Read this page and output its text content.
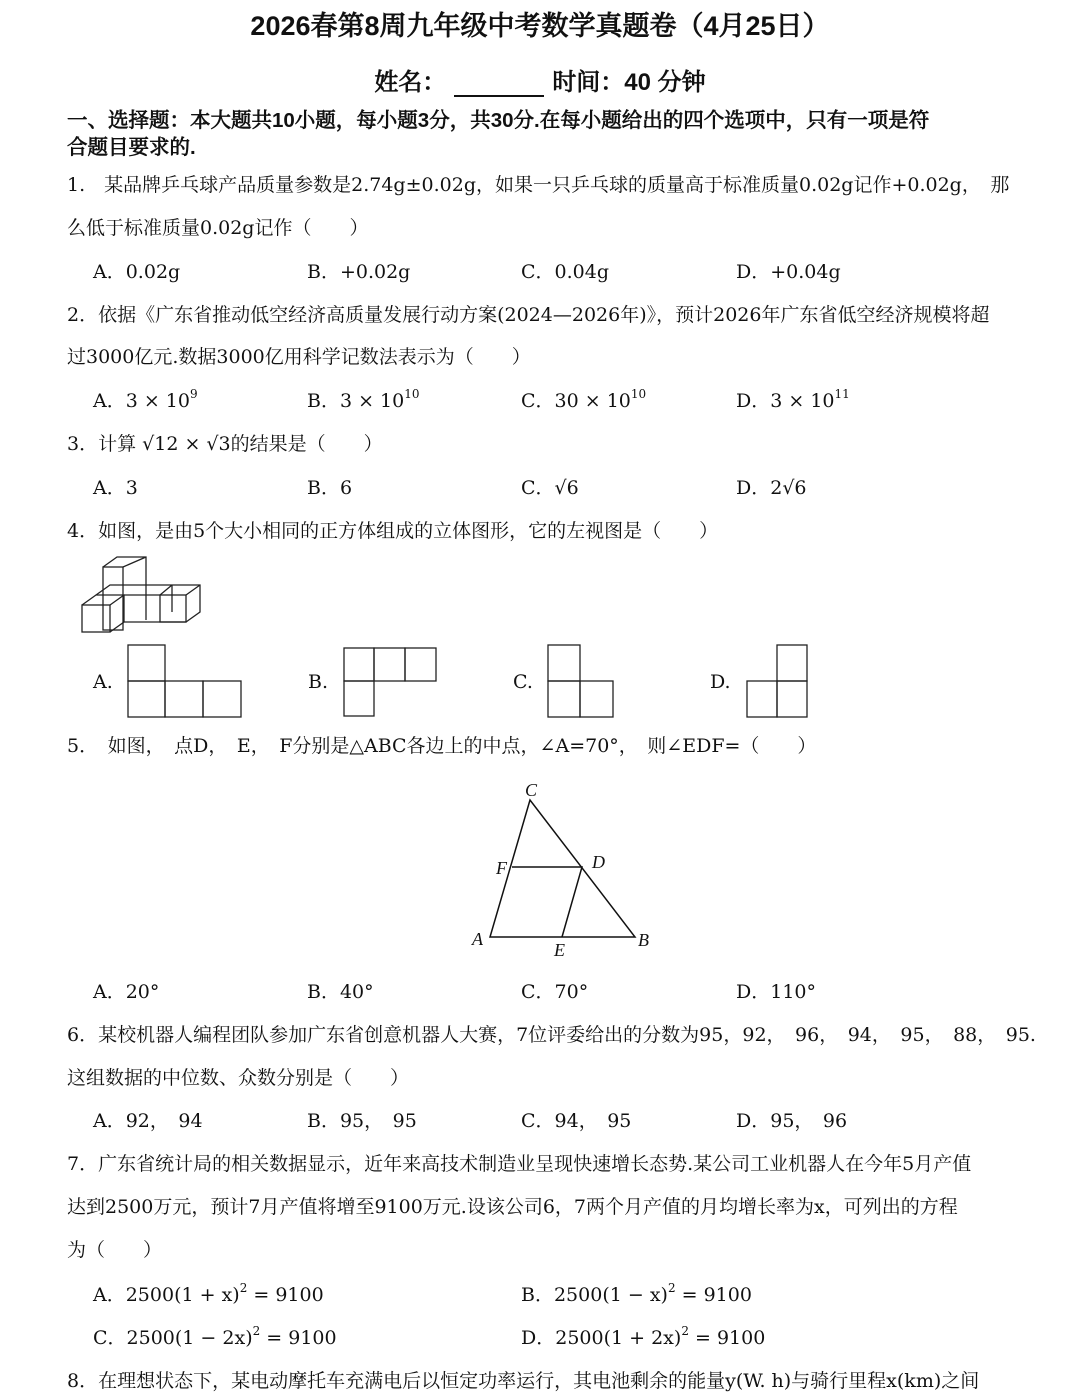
2026春第8周九年级中考数学真题卷（4月25日）
姓名：	时间：40 分钟
一、选择题：本大题共10小题，每小题3分，共30分.在每小题给出的四个选项中，只有一项是符
合题目要求的.
1.　某品牌乒乓球产品质量参数是2.74g±0.02g，如果一只乒乓球的质量高于标准质量0.02g记作+0.02g，　那
么低于标准质量0.02g记作（　　）
A．0.02g	B．+0.02g	C．0.04g	D．+0.04g
2．依据《广东省推动低空经济高质量发展行动方案(2024—2026年)》，预计2026年广东省低空经济规模将超
过3000亿元.数据3000亿用科学记数法表示为（　　）
A．$3 \times 10^9$	B．$3 \times 10^{10}$	C．$30 \times 10^{10}$	D．$3 \times 10^{11}$
3．计算 √12 × √3的结果是（　　）
A．3	B．6	C．√6	D．2√6
4．如图，是由5个大小相同的正方体组成的立体图形，它的左视图是（　　）
A.	B.	C.	D.
5．　如图，　点D，　E，　F分别是△ABC各边上的中点，∠A=70°，　则∠EDF=（　　）
C
F	D
A	B
E
A．20°	B．40°	C．70°	D．110°
6．某校机器人编程团队参加广东省创意机器人大赛，7位评委给出的分数为95，92，　96，　94，　95，　88，　95.
这组数据的中位数、众数分别是（　　）
A．92，　94	B．95，　95	C．94，　95	D．95，　96
7．广东省统计局的相关数据显示，近年来高技术制造业呈现快速增长态势.某公司工业机器人在今年5月产值
达到2500万元，预计7月产值将增至9100万元.设该公司6，7两个月产值的月均增长率为x，可列出的方程
为（　　）
A．$2500(1 + x)^2 = 9100$	B．$2500(1 - x)^2 = 9100$
C．$2500(1 - 2x)^2 = 9100$	D．$2500(1 + 2x)^2 = 9100$
8．在理想状态下，某电动摩托车充满电后以恒定功率运行，其电池剩余的能量y(W. h)与骑行里程x(km)之间
